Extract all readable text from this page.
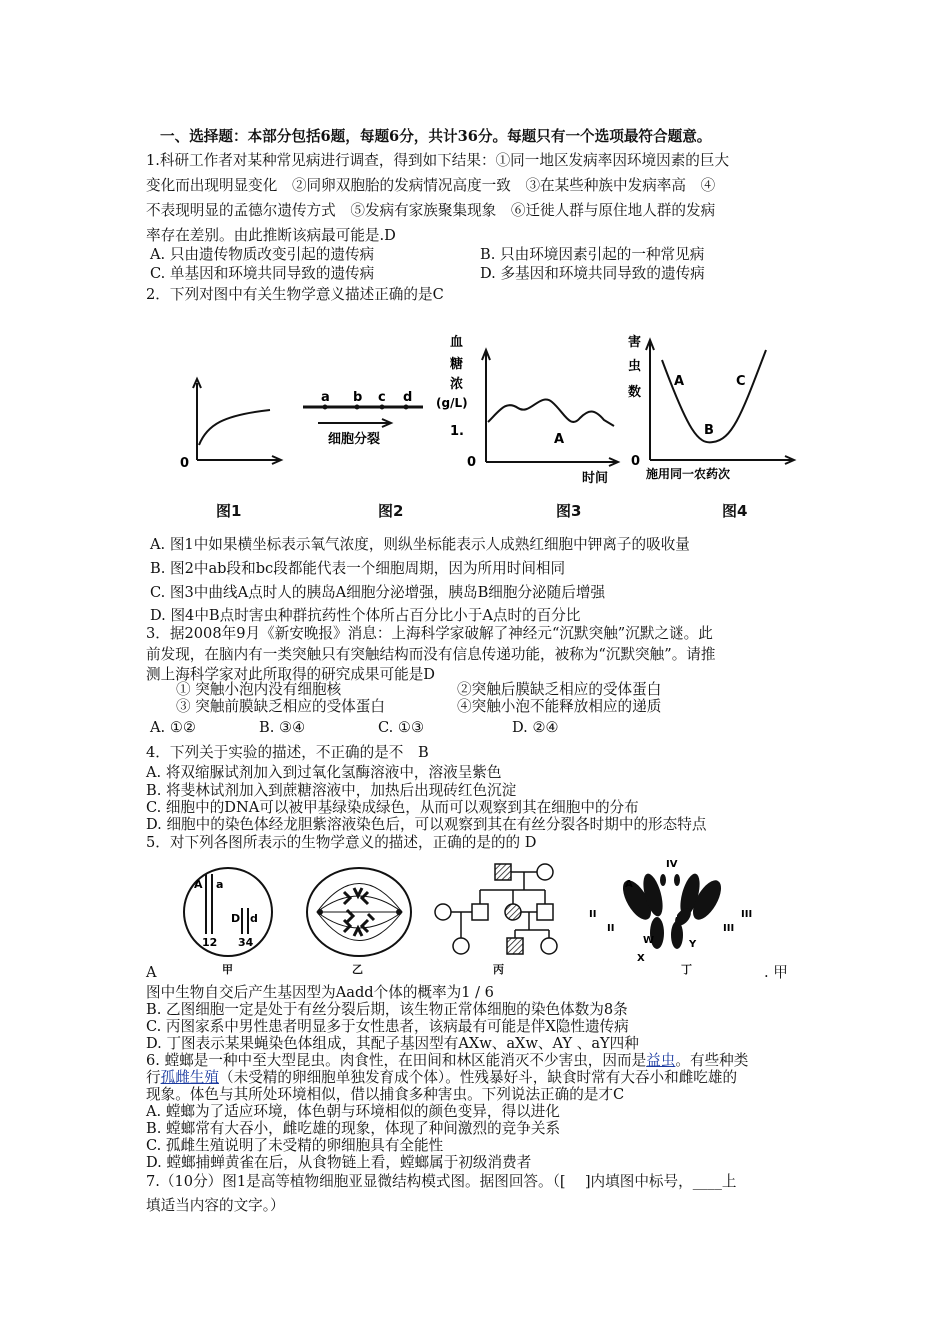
一、选择题：本部分包括6题，每题6分，共计36分。每题只有一个选项最符合题意。
1.科研工作者对某种常见病进行调查，得到如下结果：①同一地区发病率因环境因素的巨大
变化而出现明显变化　②同卵双胞胎的发病情况高度一致　③在某些种族中发病率高　④
不表现明显的孟德尔遗传方式　⑤发病有家族聚集现象　⑥迁徙人群与原住地人群的发病
率存在差别。由此推断该病最可能是.D
A. 只由遗传物质改变引起的遗传病	B. 只由环境因素引起的一种常见病
C. 单基因和环境共同导致的遗传病	D. 多基因和环境共同导致的遗传病
2．下列对图中有关生物学意义描述正确的是C
0
图1
a b c d
细胞分裂
图2
血
糖
浓
(g/L)
1.
0
A
时间
图3
害
虫
数
0
A
B
C
施用同一农药次
图4
A. 图1中如果横坐标表示氧气浓度，则纵坐标能表示人成熟红细胞中钾离子的吸收量
B. 图2中ab段和bc段都能代表一个细胞周期，因为所用时间相同
C. 图3中曲线A点时人的胰岛A细胞分泌增强，胰岛B细胞分泌随后增强
D. 图4中B点时害虫种群抗药性个体所占百分比小于A点时的百分比
3．据2008年9月《新安晚报》消息：上海科学家破解了神经元“沉默突触”沉默之谜。此
前发现，在脑内有一类突触只有突触结构而没有信息传递功能，被称为“沉默突触”。请推
测上海科学家对此所取得的研究成果可能是D
① 突触小泡内没有细胞核	②突触后膜缺乏相应的受体蛋白
③ 突触前膜缺乏相应的受体蛋白	④突触小泡不能释放相应的递质
A. ①②	B. ③④	C. ①③	D. ②④
4．下列关于实验的描述，不正确的是不　B
A. 将双缩脲试剂加入到过氧化氢酶溶液中，溶液呈紫色
B. 将斐林试剂加入到蔗糖溶液中，加热后出现砖红色沉淀
C. 细胞中的DNA可以被甲基绿染成绿色，从而可以观察到其在细胞中的分布
D. 细胞中的染色体经龙胆紫溶液染色后，可以观察到其在有丝分裂各时期中的形态特点
5．对下列各图所表示的生物学意义的描述，正确的是的的 D
A a
12
D d
34
甲	乙	丙
IV
A
a
II
II
III
III
W
X
Y
丁
A	. 甲
图中生物自交后产生基因型为Aadd个体的概率为1 / 6
B. 乙图细胞一定是处于有丝分裂后期，该生物正常体细胞的染色体数为8条
C. 丙图家系中男性患者明显多于女性患者，该病最有可能是伴X隐性遗传病
D. 丁图表示某果蝇染色体组成，其配子基因型有AXw、aXw、AY 、aY四种
6. 螳螂是一种中至大型昆虫。肉食性，在田间和林区能消灭不少害虫，因而是益虫。有些种类
行孤雌生殖（未受精的卵细胞单独发育成个体）。性残暴好斗，缺食时常有大吞小和雌吃雄的
现象。体色与其所处环境相似，借以捕食多种害虫。下列说法正确的是才C
A. 螳螂为了适应环境，体色朝与环境相似的颜色变异，得以进化
B. 螳螂常有大吞小，雌吃雄的现象，体现了种间激烈的竞争关系
C. 孤雌生殖说明了未受精的卵细胞具有全能性
D. 螳螂捕蝉黄雀在后，从食物链上看，螳螂属于初级消费者
7.（10分）图1是高等植物细胞亚显微结构模式图。据图回答。（[　 ]内填图中标号，____上
填适当内容的文字。）
